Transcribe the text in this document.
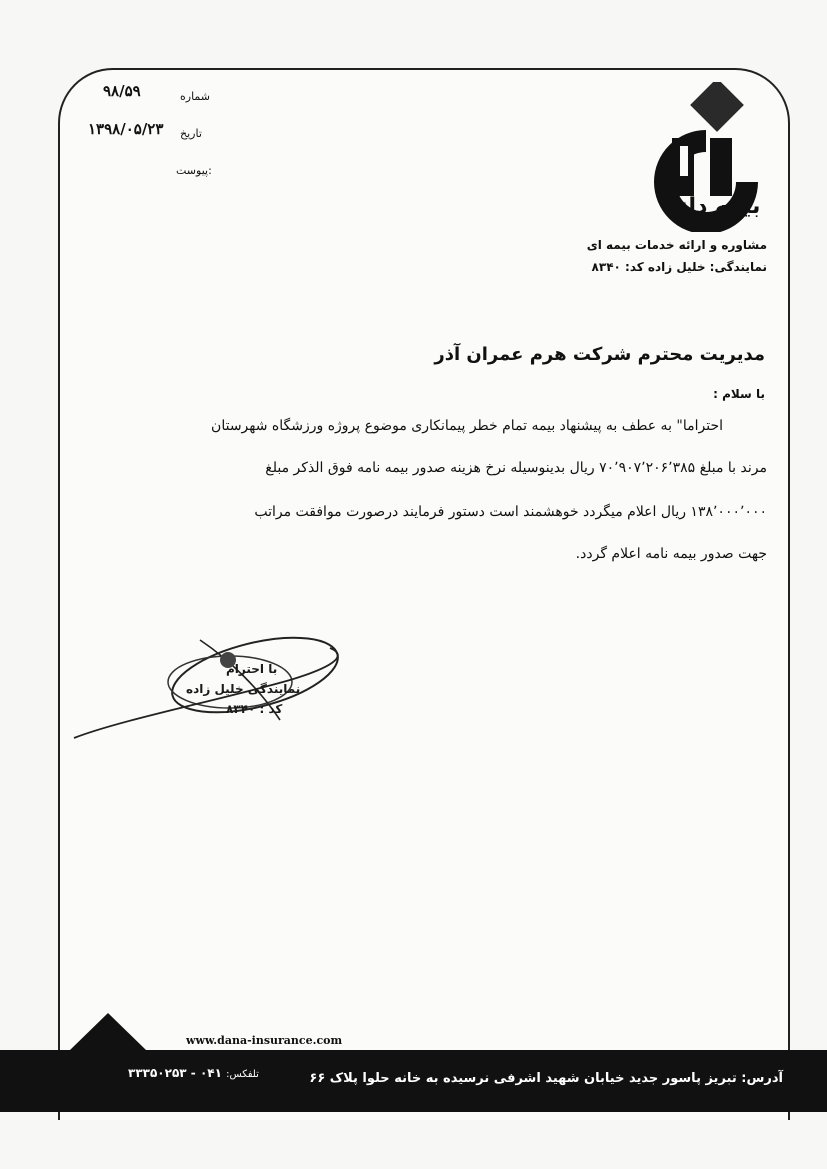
۹۸/۵۹	شماره
۱۳۹۸/۰۵/۲۳ تاریخ
پیوست:
بیمه دانا
مشاوره و ارائه خدمات بیمه ای
نمایندگی: خلیل زاده کد: ۸۳۴۰
مدیریت محترم شرکت هرم عمران آذر
با سلام :
احتراما" به عطف به پیشنهاد بیمه تمام خطر پیمانکاری موضوع پروژه ورزشگاه شهرستان
مرند با مبلغ ۷۰٬۹۰۷٬۲۰۶٬۳۸۵ ریال بدینوسیله نرخ هزینه صدور بیمه نامه فوق الذکر مبلغ
۱۳۸٬۰۰۰٬۰۰۰ ریال اعلام میگردد خوهشمند است دستور فرمایند درصورت موافقت مراتب
جهت صدور بیمه نامه اعلام گردد.
با احترام
نمایندگی خلیل زاده
کد : ۸۳۴۰
www.dana-insurance.com
آدرس: تبریز پاسور جدید خیابان شهید اشرفی نرسیده به خانه حلوا پلاک ۶۶
تلفکس: ۰۴۱ - ۳۳۳۵۰۲۵۳
